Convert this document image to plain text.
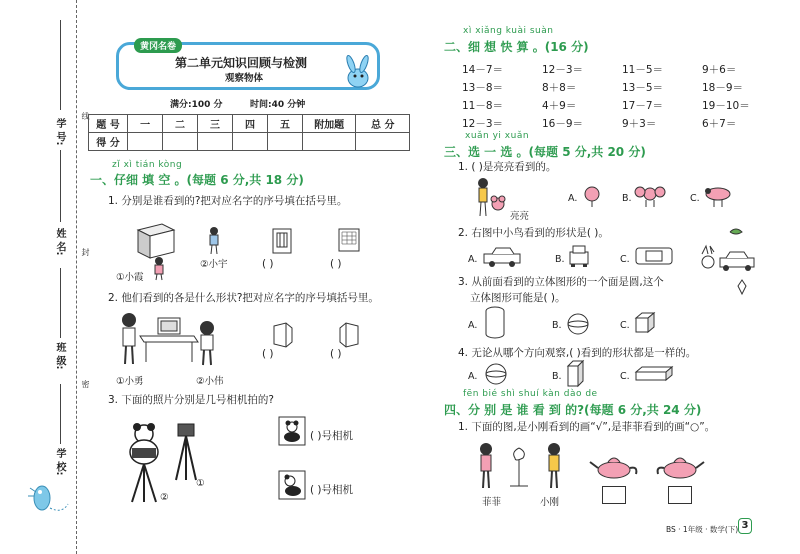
线
封
密
学 号:
姓 名:
班 级:
学 校:
黄冈名卷
第二单元知识回顾与检测
观察物体
满分:100 分	时间:40 分钟
题 号	一	二	三	四	五	附加题	总 分
得 分							
zǐ xì tián kòng
一、仔细 填 空 。(每题 6 分,共 18 分)
1. 分别是谁看到的?把对应名字的序号填在括号里。
①小霞
②小宇	( )	( )
2. 他们看到的各是什么形状?把对应名字的序号填括号里。
①小勇	②小伟
( )	( )
3. 下面的照片分别是几号相机拍的?
②
①
( )号相机
( )号相机
xì xiǎng kuài suàn
二、细 想 快 算 。(16 分)
14－7＝	12－3＝	11－5＝	9＋6＝
13－8＝	8＋8＝	13－5＝	18－9＝
11－8＝	4＋9＝	17－7＝	19－10＝
12－3＝	16－9＝	9＋3＝	6＋7＝
xuǎn yi xuǎn
三、选 一 选 。(每题 5 分,共 20 分)
1. ( )是亮亮看到的。
亮亮
A.	B.	C.
2. 右图中小鸟看到的形状是( )。
A.	B.	C.
3. 从前面看到的立体图形的一个面是圆,这个
立体图形可能是( )。
A.	B.	C.
4. 无论从哪个方向观察,( )看到的形状都是一样的。
A.	B.	C.
fēn bié shì shuí kàn dào de
四、分 别 是 谁 看 到 的?(每题 6 分,共 24 分)
1. 下面的图,是小刚看到的画“√”,是菲菲看到的画“○”。
菲菲	小刚
BS · 1年级 · 数学(下) 3
